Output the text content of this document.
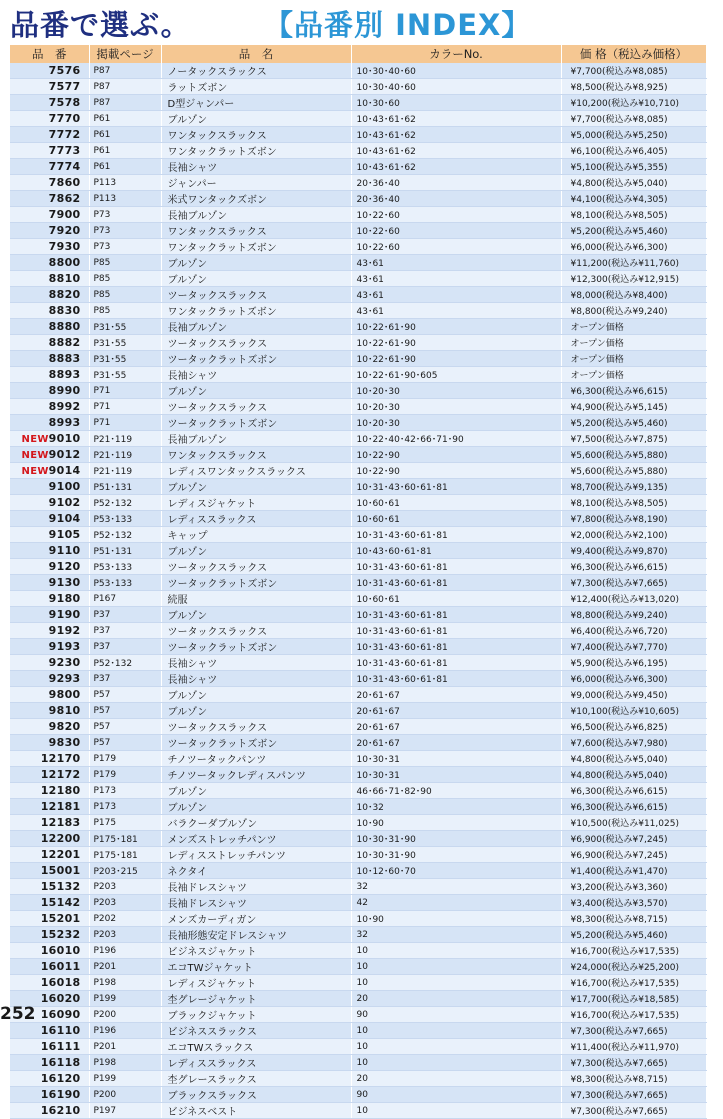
品番で選ぶ。	【品番別 INDEX】
品　番	掲載ページ	品　名	カラーNo.	価 格（税込み価格）
7576	P87	ノータックスラックス	10･30･40･60	¥7,700(税込み¥8,085)
7577	P87	ラットズボン	10･30･40･60	¥8,500(税込み¥8,925)
7578	P87	D型ジャンパー	10･30･60	¥10,200(税込み¥10,710)
7770	P61	ブルゾン	10･43･61･62	¥7,700(税込み¥8,085)
7772	P61	ワンタックスラックス	10･43･61･62	¥5,000(税込み¥5,250)
7773	P61	ワンタックラットズボン	10･43･61･62	¥6,100(税込み¥6,405)
7774	P61	長袖シャツ	10･43･61･62	¥5,100(税込み¥5,355)
7860	P113	ジャンパー	20･36･40	¥4,800(税込み¥5,040)
7862	P113	米式ワンタックズボン	20･36･40	¥4,100(税込み¥4,305)
7900	P73	長袖ブルゾン	10･22･60	¥8,100(税込み¥8,505)
7920	P73	ワンタックスラックス	10･22･60	¥5,200(税込み¥5,460)
7930	P73	ワンタックラットズボン	10･22･60	¥6,000(税込み¥6,300)
8800	P85	ブルゾン	43･61	¥11,200(税込み¥11,760)
8810	P85	ブルゾン	43･61	¥12,300(税込み¥12,915)
8820	P85	ツータックスラックス	43･61	¥8,000(税込み¥8,400)
8830	P85	ワンタックラットズボン	43･61	¥8,800(税込み¥9,240)
8880	P31･55	長袖ブルゾン	10･22･61･90	オープン価格
8882	P31･55	ツータックスラックス	10･22･61･90	オープン価格
8883	P31･55	ツータックラットズボン	10･22･61･90	オープン価格
8893	P31･55	長袖シャツ	10･22･61･90･605	オープン価格
8990	P71	ブルゾン	10･20･30	¥6,300(税込み¥6,615)
8992	P71	ツータックスラックス	10･20･30	¥4,900(税込み¥5,145)
8993	P71	ツータックラットズボン	10･20･30	¥5,200(税込み¥5,460)
NEW9010	P21･119	長袖ブルゾン	10･22･40･42･66･71･90	¥7,500(税込み¥7,875)
NEW9012	P21･119	ワンタックスラックス	10･22･90	¥5,600(税込み¥5,880)
NEW9014	P21･119	レディスワンタックスラックス	10･22･90	¥5,600(税込み¥5,880)
9100	P51･131	ブルゾン	10･31･43･60･61･81	¥8,700(税込み¥9,135)
9102	P52･132	レディスジャケット	10･60･61	¥8,100(税込み¥8,505)
9104	P53･133	レディススラックス	10･60･61	¥7,800(税込み¥8,190)
9105	P52･132	キャップ	10･31･43･60･61･81	¥2,000(税込み¥2,100)
9110	P51･131	ブルゾン	10･43･60･61･81	¥9,400(税込み¥9,870)
9120	P53･133	ツータックスラックス	10･31･43･60･61･81	¥6,300(税込み¥6,615)
9130	P53･133	ツータックラットズボン	10･31･43･60･61･81	¥7,300(税込み¥7,665)
9180	P167	続服	10･60･61	¥12,400(税込み¥13,020)
9190	P37	ブルゾン	10･31･43･60･61･81	¥8,800(税込み¥9,240)
9192	P37	ツータックスラックス	10･31･43･60･61･81	¥6,400(税込み¥6,720)
9193	P37	ツータックラットズボン	10･31･43･60･61･81	¥7,400(税込み¥7,770)
9230	P52･132	長袖シャツ	10･31･43･60･61･81	¥5,900(税込み¥6,195)
9293	P37	長袖シャツ	10･31･43･60･61･81	¥6,000(税込み¥6,300)
9800	P57	ブルゾン	20･61･67	¥9,000(税込み¥9,450)
9810	P57	ブルゾン	20･61･67	¥10,100(税込み¥10,605)
9820	P57	ツータックスラックス	20･61･67	¥6,500(税込み¥6,825)
9830	P57	ツータックラットズボン	20･61･67	¥7,600(税込み¥7,980)
12170	P179	チノツータックパンツ	10･30･31	¥4,800(税込み¥5,040)
12172	P179	チノツータックレディスパンツ	10･30･31	¥4,800(税込み¥5,040)
12180	P173	ブルゾン	46･66･71･82･90	¥6,300(税込み¥6,615)
12181	P173	ブルゾン	10･32	¥6,300(税込み¥6,615)
12183	P175	バラクーダブルゾン	10･90	¥10,500(税込み¥11,025)
12200	P175･181	メンズストレッチパンツ	10･30･31･90	¥6,900(税込み¥7,245)
12201	P175･181	レディスストレッチパンツ	10･30･31･90	¥6,900(税込み¥7,245)
15001	P203･215	ネクタイ	10･12･60･70	¥1,400(税込み¥1,470)
15132	P203	長袖ドレスシャツ	32	¥3,200(税込み¥3,360)
15142	P203	長袖ドレスシャツ	42	¥3,400(税込み¥3,570)
15201	P202	メンズカーディガン	10･90	¥8,300(税込み¥8,715)
15232	P203	長袖形態安定ドレスシャツ	32	¥5,200(税込み¥5,460)
16010	P196	ビジネスジャケット	10	¥16,700(税込み¥17,535)
16011	P201	エコTWジャケット	10	¥24,000(税込み¥25,200)
16018	P198	レディスジャケット	10	¥16,700(税込み¥17,535)
16020	P199	杢グレージャケット	20	¥17,700(税込み¥18,585)
16090	P200	ブラックジャケット	90	¥16,700(税込み¥17,535)
16110	P196	ビジネススラックス	10	¥7,300(税込み¥7,665)
16111	P201	エコTWスラックス	10	¥11,400(税込み¥11,970)
16118	P198	レディススラックス	10	¥7,300(税込み¥7,665)
16120	P199	杢グレースラックス	20	¥8,300(税込み¥8,715)
16190	P200	ブラックスラックス	90	¥7,300(税込み¥7,665)
16210	P197	ビジネスベスト	10	¥7,300(税込み¥7,665)
252
